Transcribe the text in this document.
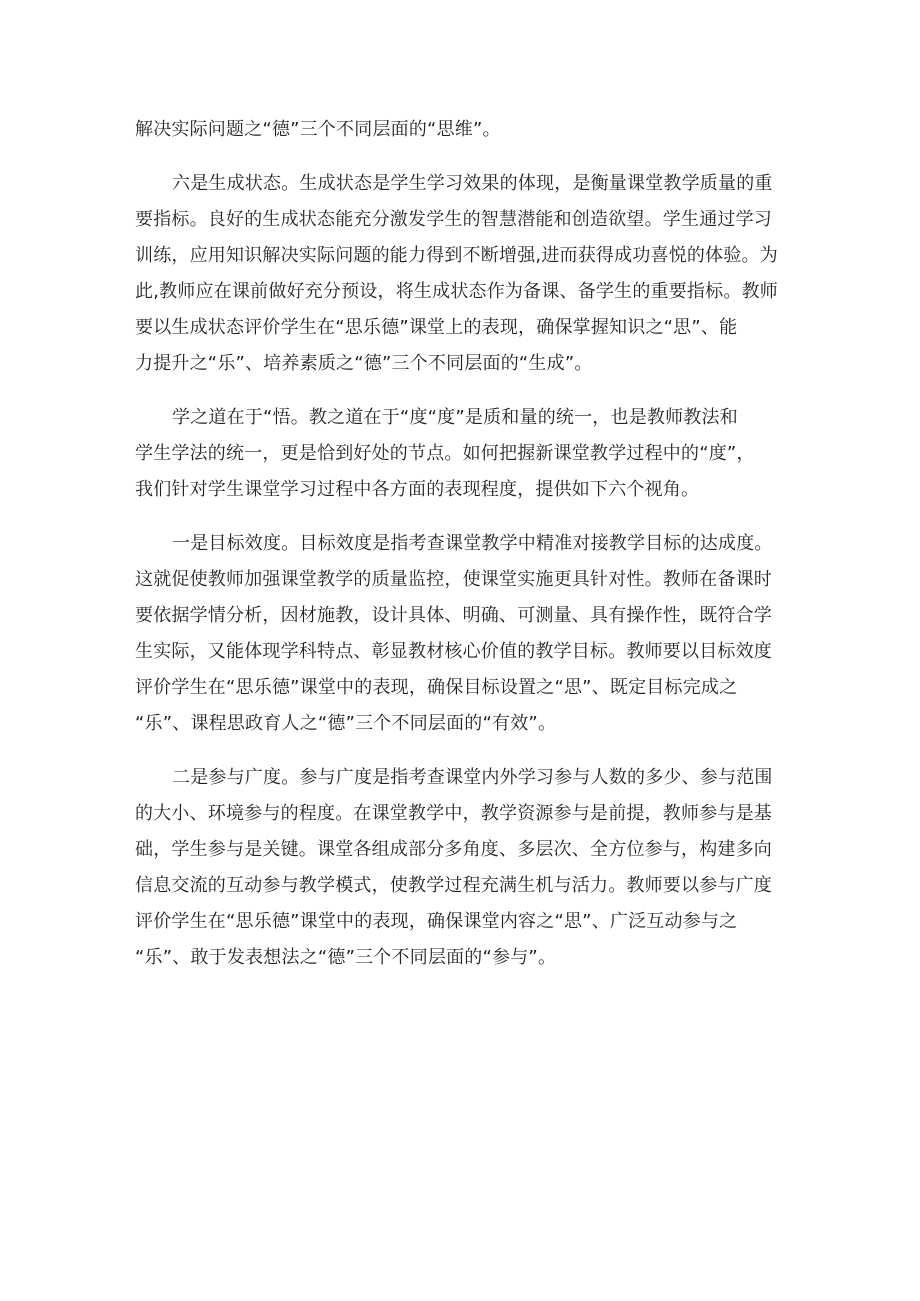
解决实际问题之“德”三个不同层面的“思维”。

六是生成状态。生成状态是学生学习效果的体现，是衡量课堂教学质量的重
要指标。良好的生成状态能充分激发学生的智慧潜能和创造欲望。学生通过学习
训练，应用知识解决实际问题的能力得到不断增强,进而获得成功喜悦的体验。为
此,教师应在课前做好充分预设，将生成状态作为备课、备学生的重要指标。教师
要以生成状态评价学生在“思乐德”课堂上的表现，确保掌握知识之“思”、能
力提升之“乐”、培养素质之“德”三个不同层面的“生成”。

学之道在于“悟。教之道在于“度“度”是质和量的统一，也是教师教法和
学生学法的统一，更是恰到好处的节点。如何把握新课堂教学过程中的“度”，
我们针对学生课堂学习过程中各方面的表现程度，提供如下六个视角。

一是目标效度。目标效度是指考查课堂教学中精准对接教学目标的达成度。
这就促使教师加强课堂教学的质量监控，使课堂实施更具针对性。教师在备课时
要依据学情分析，因材施教，设计具体、明确、可测量、具有操作性，既符合学
生实际，又能体现学科特点、彰显教材核心价值的教学目标。教师要以目标效度
评价学生在“思乐德”课堂中的表现，确保目标设置之“思”、既定目标完成之
“乐”、课程思政育人之“德”三个不同层面的“有效”。

二是参与广度。参与广度是指考查课堂内外学习参与人数的多少、参与范围
的大小、环境参与的程度。在课堂教学中，教学资源参与是前提，教师参与是基
础，学生参与是关键。课堂各组成部分多角度、多层次、全方位参与，构建多向
信息交流的互动参与教学模式，使教学过程充满生机与活力。教师要以参与广度
评价学生在“思乐德”课堂中的表现，确保课堂内容之“思”、广泛互动参与之
“乐”、敢于发表想法之“德”三个不同层面的“参与”。
